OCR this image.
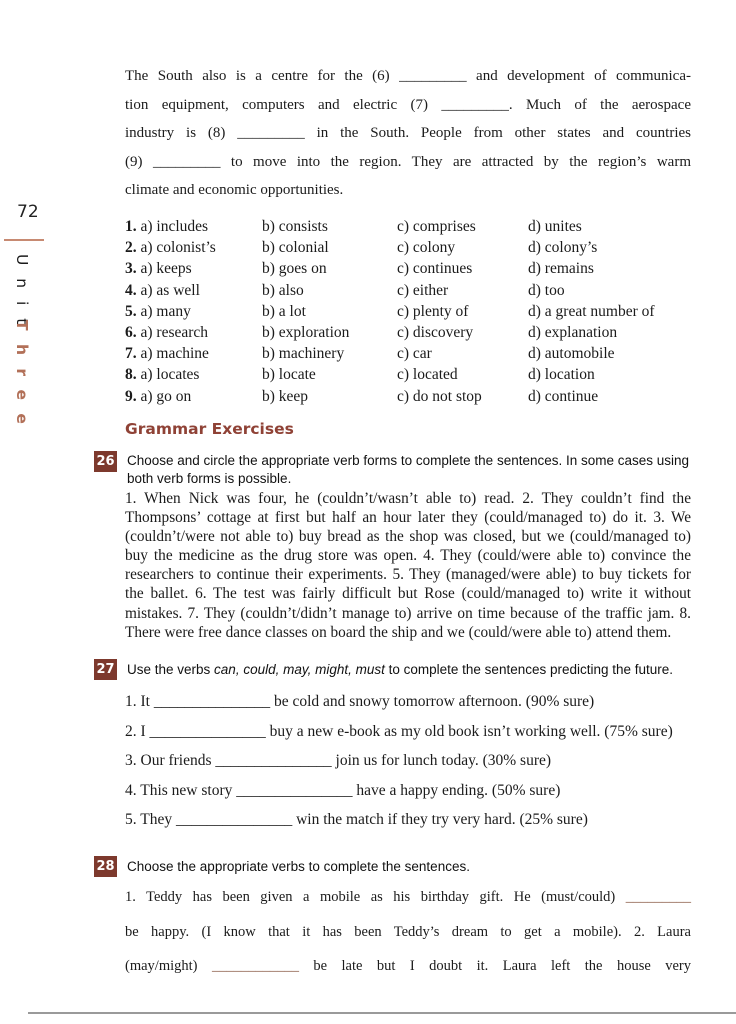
72
U n i t
T h r e e
The South also is a centre for the (6) _________ and development of communica-
tion equipment, computers and electric (7) _________. Much of the aerospace
industry is (8) _________ in the South. People from other states and countries
(9) _________ to move into the region. They are attracted by the region’s warm
climate and economic opportunities.
1. a) includes	b) consists	c) comprises	d) unites
2. a) colonist’s	b) colonial	c) colony	d) colony’s
3. a) keeps	b) goes on	c) continues	d) remains
4. a) as well	b) also	c) either	d) too
5. a) many	b) a lot	c) plenty of	d) a great number of
6. a) research	b) exploration	c) discovery	d) explanation
7. a) machine	b) machinery	c) car	d) automobile
8. a) locates	b) locate	c) located	d) location
9. a) go on	b) keep	c) do not stop	d) continue
Grammar Exercises
26 Choose and circle the appropriate verb forms to complete the sentences. In some cases using both verb forms is possible.
1. When Nick was four, he (couldn’t/wasn’t able to) read. 2. They couldn’t find the Thompsons’ cottage at first but half an hour later they (could/managed to) do it. 3. We (couldn’t/were not able to) buy bread as the shop was closed, but we (could/managed to) buy the medicine as the drug store was open. 4. They (could/were able to) convince the researchers to continue their experiments. 5. They (managed/were able) to buy tickets for the ballet. 6. The test was fairly difficult but Rose (could/managed to) write it without mistakes. 7. They (couldn’t/didn’t manage to) arrive on time because of the traffic jam. 8. There were free dance classes on board the ship and we (could/were able to) attend them.
27 Use the verbs can, could, may, might, must to complete the sentences predicting the future.
1. It _______________ be cold and snowy tomorrow afternoon. (90% sure)
2. I _______________ buy a new e-book as my old book isn’t working well. (75% sure)
3. Our friends _______________ join us for lunch today. (30% sure)
4. This new story _______________ have a happy ending. (50% sure)
5. They _______________ win the match if they try very hard. (25% sure)
28 Choose the appropriate verbs to complete the sentences.
1. Teddy has been given a mobile as his birthday gift. He (must/could) _________
be happy. (I know that it has been Teddy’s dream to get a mobile). 2. Laura
(may/might) ____________ be late but I doubt it. Laura left the house very
